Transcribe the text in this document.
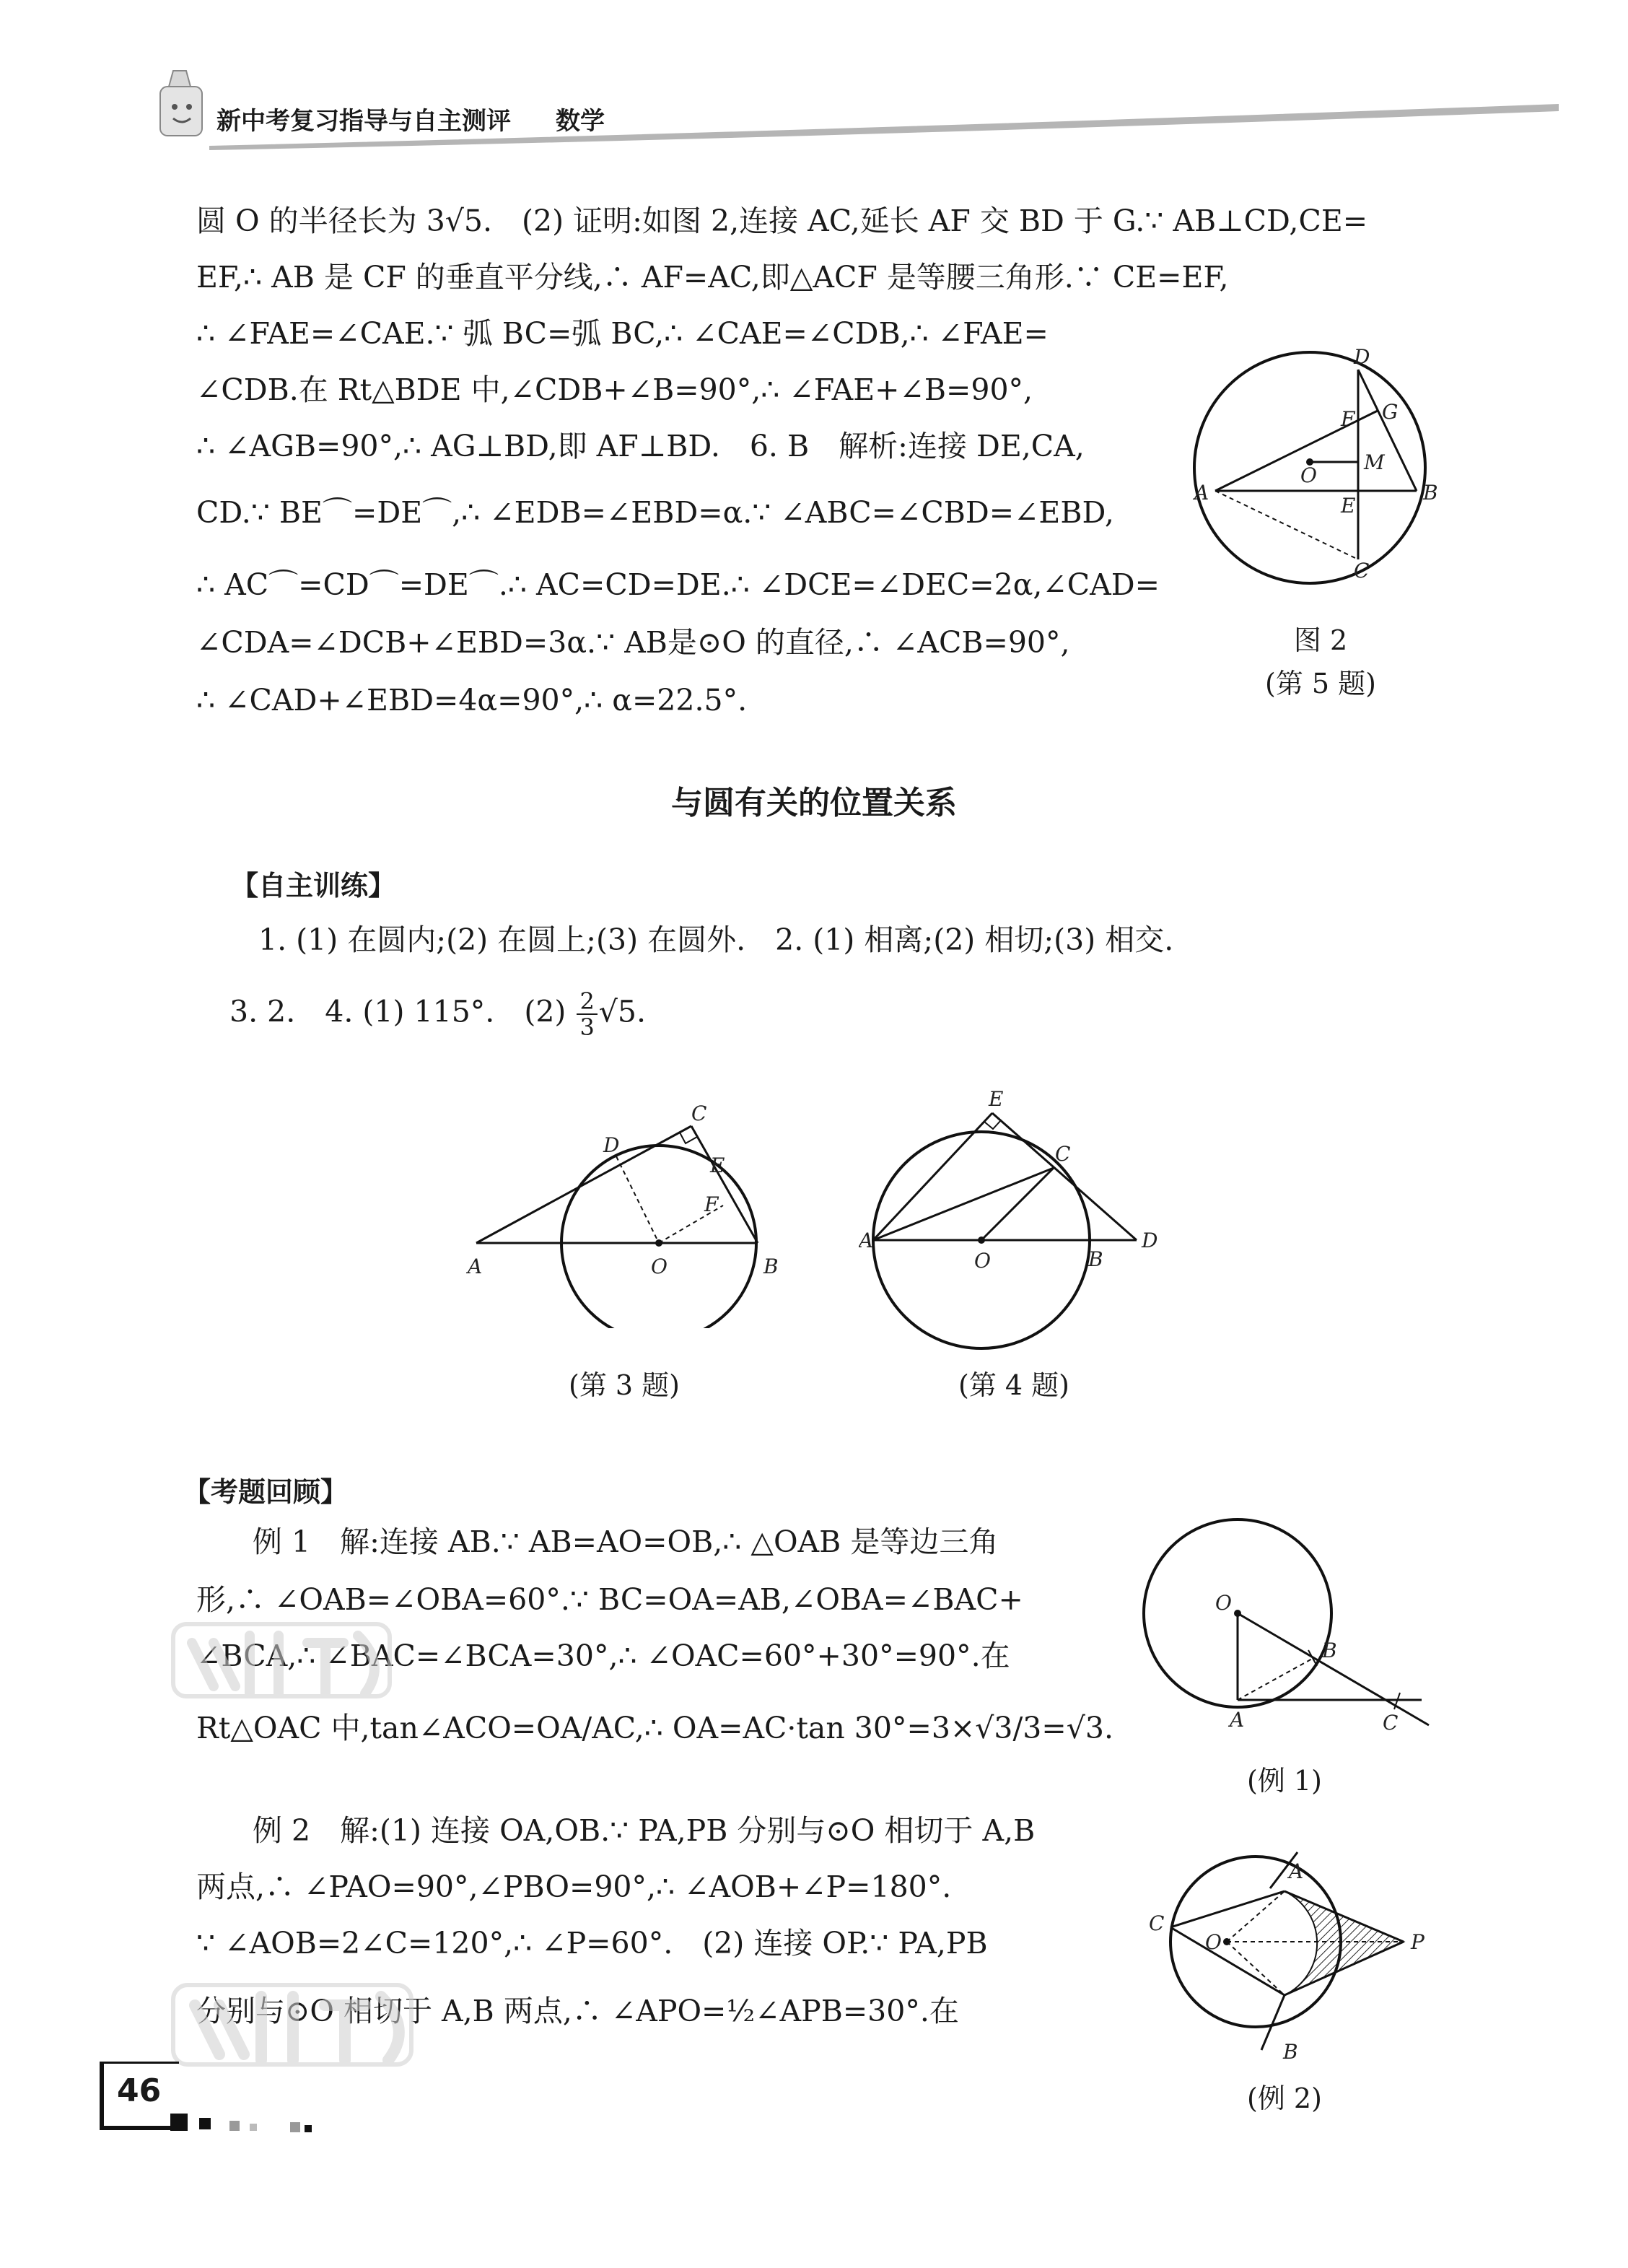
新中考复习指导与自主测评 数学
圆 O 的半径长为 3√5.　(2) 证明:如图 2,连接 AC,延长 AF 交 BD 于 G.∵ AB⊥CD,CE=
EF,∴ AB 是 CF 的垂直平分线,∴ AF=AC,即△ACF 是等腰三角形.∵ CE=EF,
∴ ∠FAE=∠CAE.∵ 弧 BC=弧 BC,∴ ∠CAE=∠CDB,∴ ∠FAE=
∠CDB.在 Rt△BDE 中,∠CDB+∠B=90°,∴ ∠FAE+∠B=90°,
∴ ∠AGB=90°,∴ AG⊥BD,即 AF⊥BD.　6. B　解析:连接 DE,CA,
CD.∵ BE⌒=DE⌒,∴ ∠EDB=∠EBD=α.∵ ∠ABC=∠CBD=∠EBD,
∴ AC⌒=CD⌒=DE⌒.∴ AC=CD=DE.∴ ∠DCE=∠DEC=2α,∠CAD=
∠CDA=∠DCB+∠EBD=3α.∵ AB是⊙O 的直径,∴ ∠ACB=90°,
∴ ∠CAD+∠EBD=4α=90°,∴ α=22.5°.
D
G
F
M
O
A
E
B
C
图 2
(第 5 题)
与圆有关的位置关系
【自主训练】
1. (1) 在圆内;(2) 在圆上;(3) 在圆外.　2. (1) 相离;(2) 相切;(3) 相交.
3. 2.　4. (1) 115°.　$(2) \frac{2}{3} √5$.
C
D
E
F
A	O	B
(第 3 题)
E
C
A
O	B
D
(第 4 题)
【考题回顾】
例 1　解:连接 AB.∵ AB=AO=OB,∴ △OAB 是等边三角
形,∴ ∠OAB=∠OBA=60°.∵ BC=OA=AB,∠OBA=∠BAC+
∠BCA,∴ ∠BAC=∠BCA=30°,∴ ∠OAC=60°+30°=90°.在
Rt△OAC 中,tan∠ACO=OA/AC,∴ OA=AC·tan 30°=3×√3/3=√3.
O
B
A	C
(例 1)
例 2　解:(1) 连接 OA,OB.∵ PA,PB 分别与⊙O 相切于 A,B
两点,∴ ∠PAO=90°,∠PBO=90°,∴ ∠AOB+∠P=180°.
∵ ∠AOB=2∠C=120°,∴ ∠P=60°.　(2) 连接 OP.∵ PA,PB
分别与⊙O 相切于 A,B 两点,∴ ∠APO=½∠APB=30°.在
A
C
O	P
B
(例 2)
46
